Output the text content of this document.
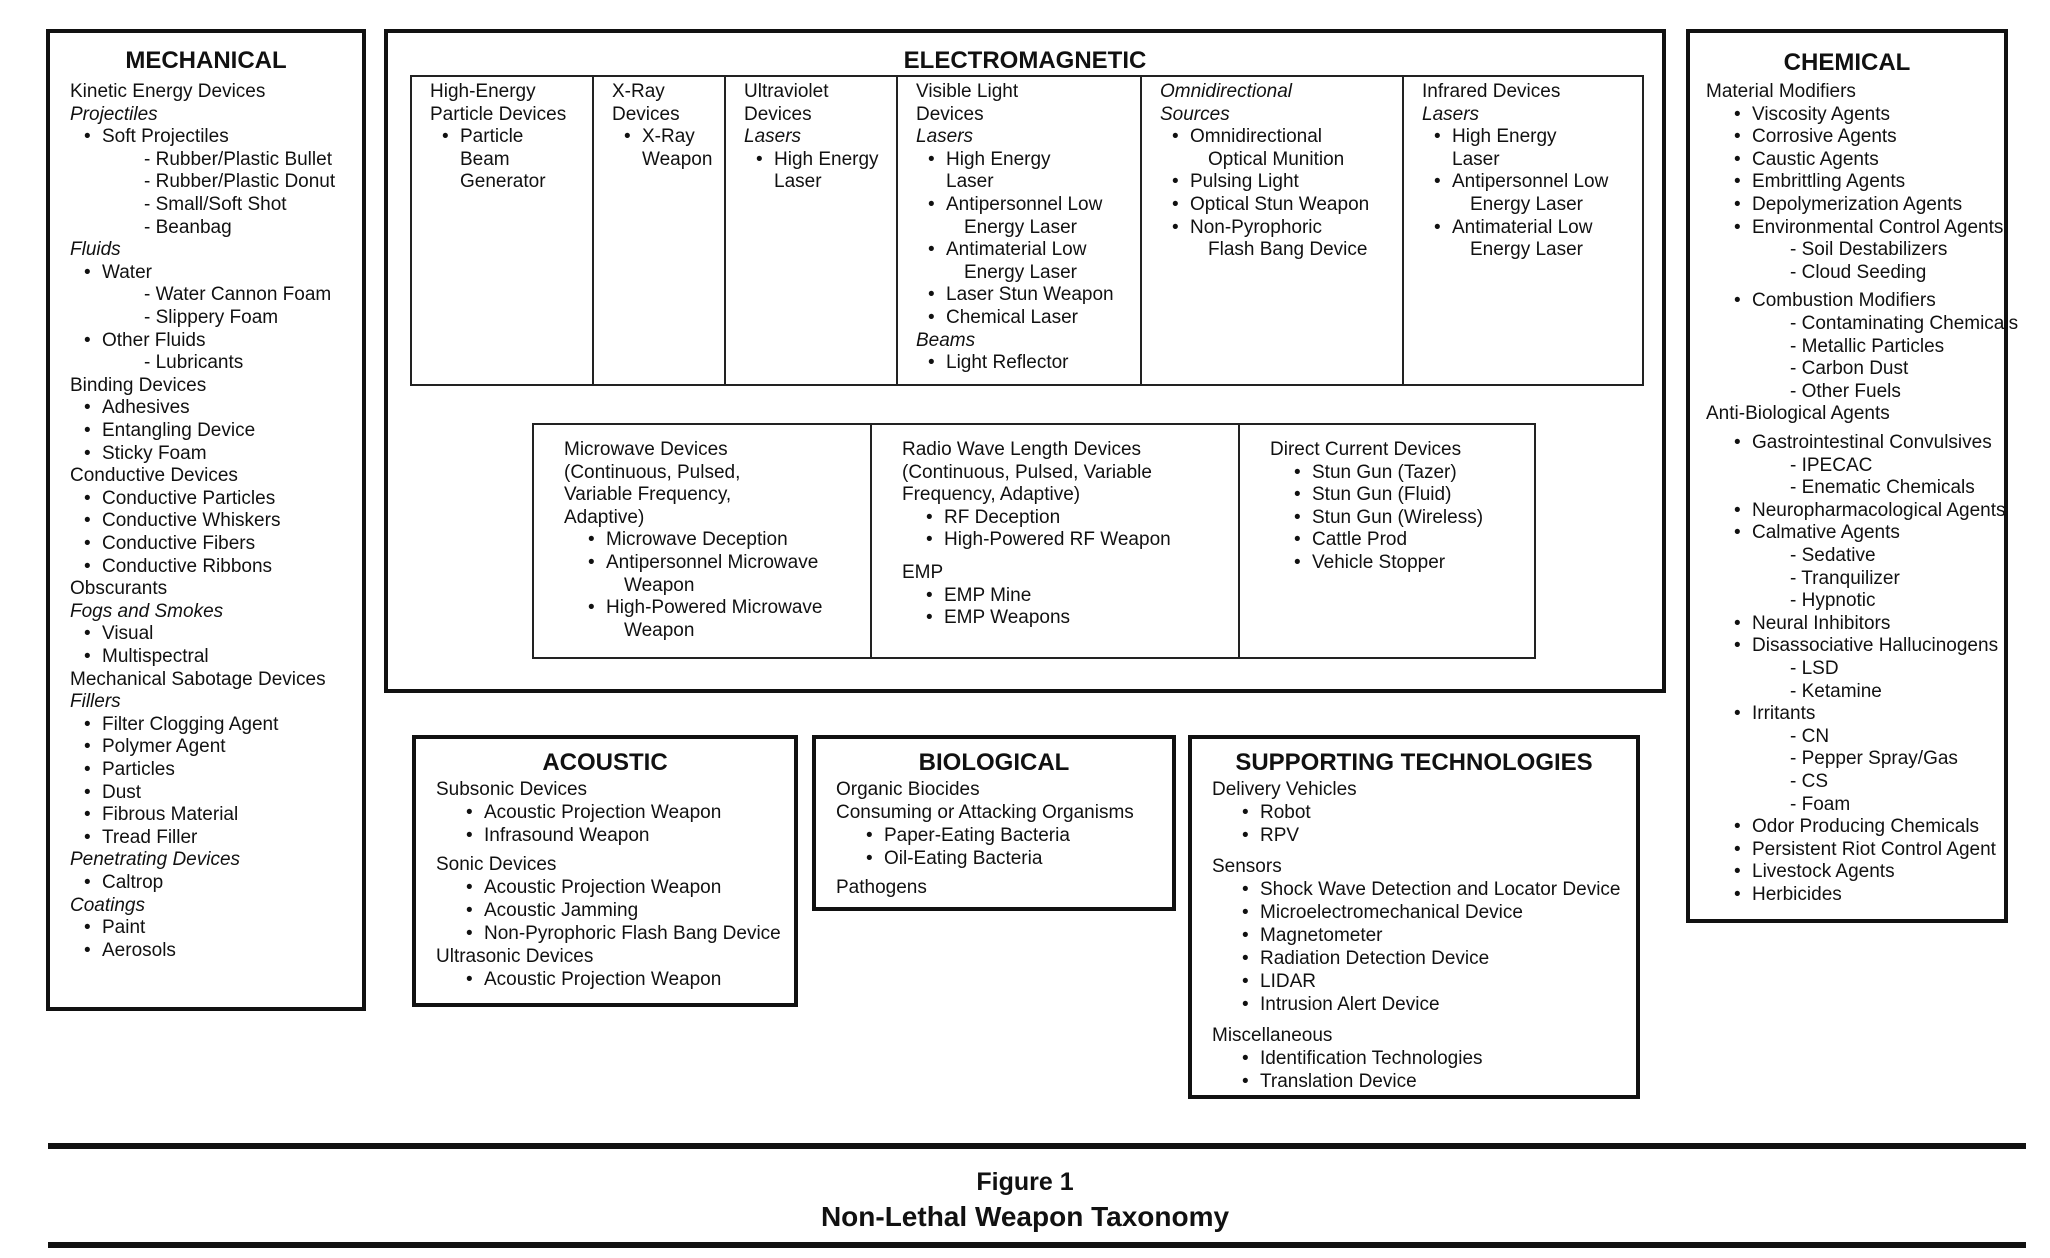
MECHANICAL
Kinetic Energy Devices
Projectiles
• Soft Projectiles
- Rubber/Plastic Bullet
- Rubber/Plastic Donut
- Small/Soft Shot
- Beanbag
Fluids
• Water
- Water Cannon Foam
- Slippery Foam
• Other Fluids
- Lubricants
Binding Devices
• Adhesives
• Entangling Device
• Sticky Foam
Conductive Devices
• Conductive Particles
• Conductive Whiskers
• Conductive Fibers
• Conductive Ribbons
Obscurants
Fogs and Smokes
• Visual
• Multispectral
Mechanical Sabotage Devices
Fillers
• Filter Clogging Agent
• Polymer Agent
• Particles
• Dust
• Fibrous Material
• Tread Filler
Penetrating Devices
• Caltrop
Coatings
• Paint
• Aerosols
ELECTROMAGNETIC
High-Energy
Particle Devices
• Particle
Beam
Generator
X-Ray
Devices
• X-Ray
Weapon
Ultraviolet
Devices
Lasers
• High Energy
Laser
Visible Light
Devices
Lasers
• High Energy
Laser
• Antipersonnel Low
Energy Laser
• Antimaterial Low
Energy Laser
• Laser Stun Weapon
• Chemical Laser
Beams
• Light Reflector
Omnidirectional
Sources
• Omnidirectional
Optical Munition
• Pulsing Light
• Optical Stun Weapon
• Non-Pyrophoric
Flash Bang Device
Infrared Devices
Lasers
• High Energy
Laser
• Antipersonnel Low
Energy Laser
• Antimaterial Low
Energy Laser
Microwave Devices
(Continuous, Pulsed,
Variable Frequency,
Adaptive)
• Microwave Deception
• Antipersonnel Microwave
Weapon
• High-Powered Microwave
Weapon
Radio Wave Length Devices
(Continuous, Pulsed, Variable
Frequency, Adaptive)
• RF Deception
• High-Powered RF Weapon
EMP
• EMP Mine
• EMP Weapons
Direct Current Devices
• Stun Gun (Tazer)
• Stun Gun (Fluid)
• Stun Gun (Wireless)
• Cattle Prod
• Vehicle Stopper
CHEMICAL
Material Modifiers
• Viscosity Agents
• Corrosive Agents
• Caustic Agents
• Embrittling Agents
• Depolymerization Agents
• Environmental Control Agents
- Soil Destabilizers
- Cloud Seeding
• Combustion Modifiers
- Contaminating Chemicals
- Metallic Particles
- Carbon Dust
- Other Fuels
Anti-Biological Agents
• Gastrointestinal Convulsives
- IPECAC
- Enematic Chemicals
• Neuropharmacological Agents
• Calmative Agents
- Sedative
- Tranquilizer
- Hypnotic
• Neural Inhibitors
• Disassociative Hallucinogens
- LSD
- Ketamine
• Irritants
- CN
- Pepper Spray/Gas
- CS
- Foam
• Odor Producing Chemicals
• Persistent Riot Control Agent
• Livestock Agents
• Herbicides
ACOUSTIC
Subsonic Devices
• Acoustic Projection Weapon
• Infrasound Weapon
Sonic Devices
• Acoustic Projection Weapon
• Acoustic Jamming
• Non-Pyrophoric Flash Bang Device
Ultrasonic Devices
• Acoustic Projection Weapon
BIOLOGICAL
Organic Biocides
Consuming or Attacking Organisms
• Paper-Eating Bacteria
• Oil-Eating Bacteria
Pathogens
SUPPORTING TECHNOLOGIES
Delivery Vehicles
• Robot
• RPV
Sensors
• Shock Wave Detection and Locator Device
• Microelectromechanical Device
• Magnetometer
• Radiation Detection Device
• LIDAR
• Intrusion Alert Device
Miscellaneous
• Identification Technologies
• Translation Device
Figure 1
Non-Lethal Weapon Taxonomy
